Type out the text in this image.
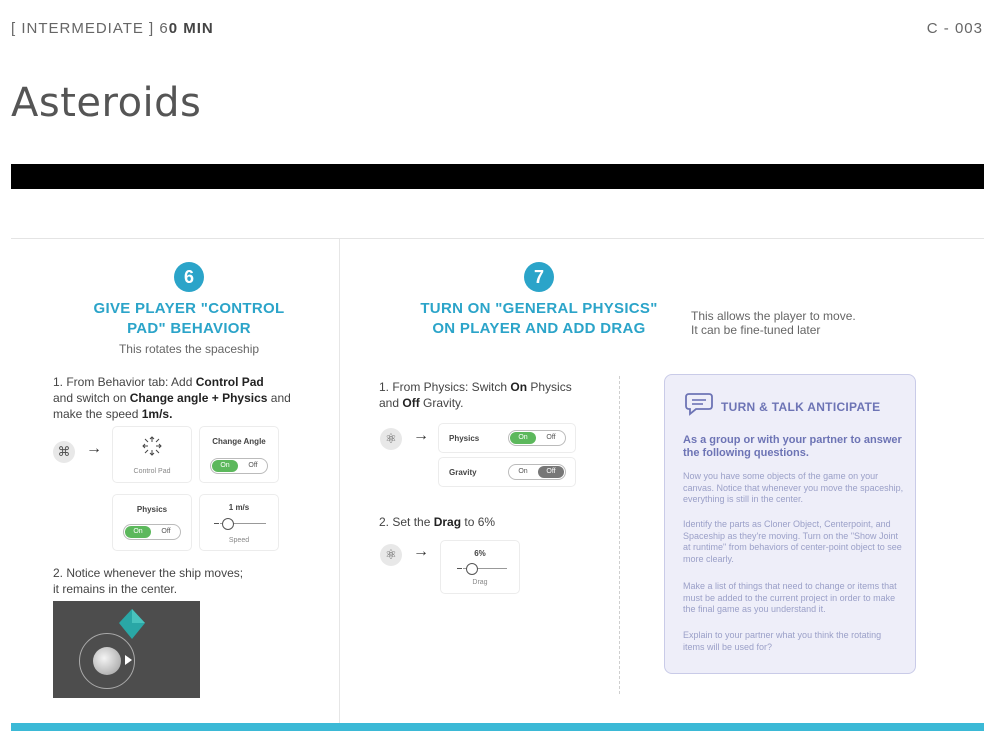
[ INTERMEDIATE ] 60 MIN	C - 003
Asteroids
6
GIVE PLAYER "CONTROL
PAD" BEHAVIOR
This rotates the spaceship
1. From Behavior tab: Add Control Pad
and switch on Change angle + Physics and
make the speed 1m/s.
⌘ →
Control Pad
Change Angle
On	Off
Physics
On	Off
1 m/s
Speed
2. Notice whenever the ship moves;
it remains in the center.
7
TURN ON "GENERAL PHYSICS"
ON PLAYER AND ADD DRAG
This allows the player to move.
It can be fine-tuned later
1. From Physics: Switch On Physics
and Off Gravity.
⚛	→	Physics	On	Off
Gravity	On	Off
2. Set the Drag to 6%
⚛	→	6%
Drag
TURN & TALK ANTICIPATE
As a group or with your partner to answer the following questions.
Now you have some objects of the game on your canvas. Notice that whenever you move the spaceship, everything is still in the center.
Identify the parts as Cloner Object, Centerpoint, and Spaceship as they're moving. Turn on the "Show Joint at runtime" from behaviors of center-point object to see more clearly.
Make a list of things that need to change or items that must be added to the current project in order to make the final game as you understand it.
Explain to your partner what you think the rotating items will be used for?
